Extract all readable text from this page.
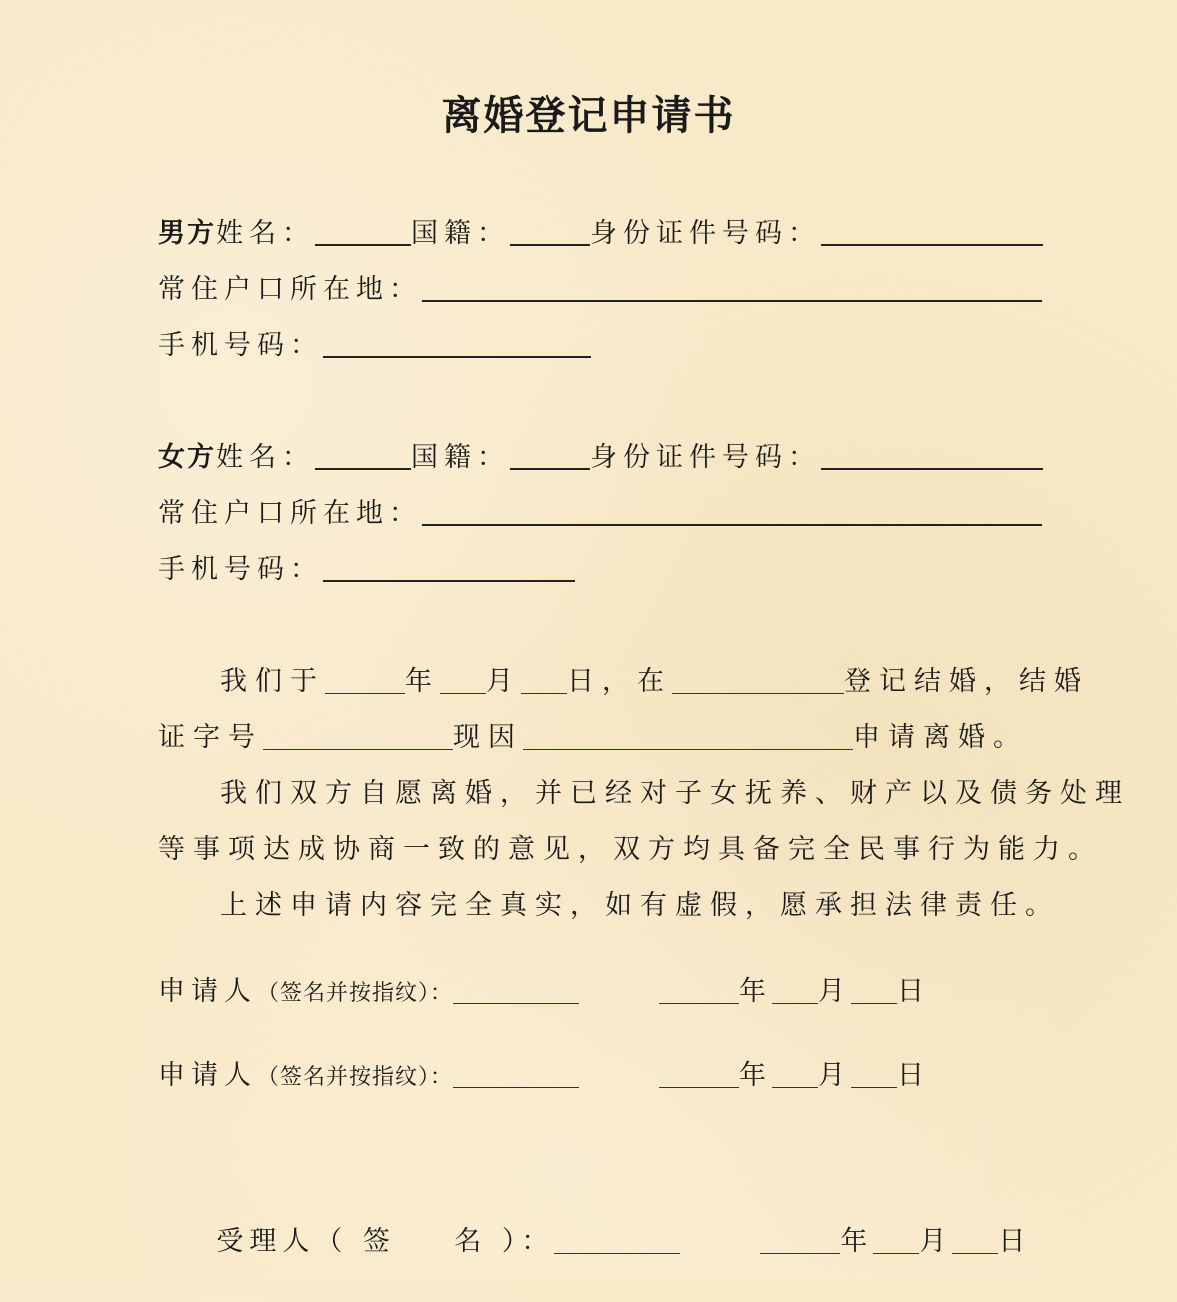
离婚登记申请书
男方姓名：	国籍：	身份证件号码：
常住户口所在地：
手机号码：
女方姓名：	国籍：	身份证件号码：
常住户口所在地：
手机号码：
我们于	年 月 日，在	登记结婚，结婚
证字号	现因	申请离婚。
我们双方自愿离婚，并已经对子女抚养、财产以及债务处理
等事项达成协商一致的意见，双方均具备完全民事行为能力。
上述申请内容完全真实，如有虚假，愿承担法律责任。
申请人（签名并按指纹）：	年 月 日
申请人（签名并按指纹）：	年 月 日

受理人（ 签    名 ）：	年 月 日
